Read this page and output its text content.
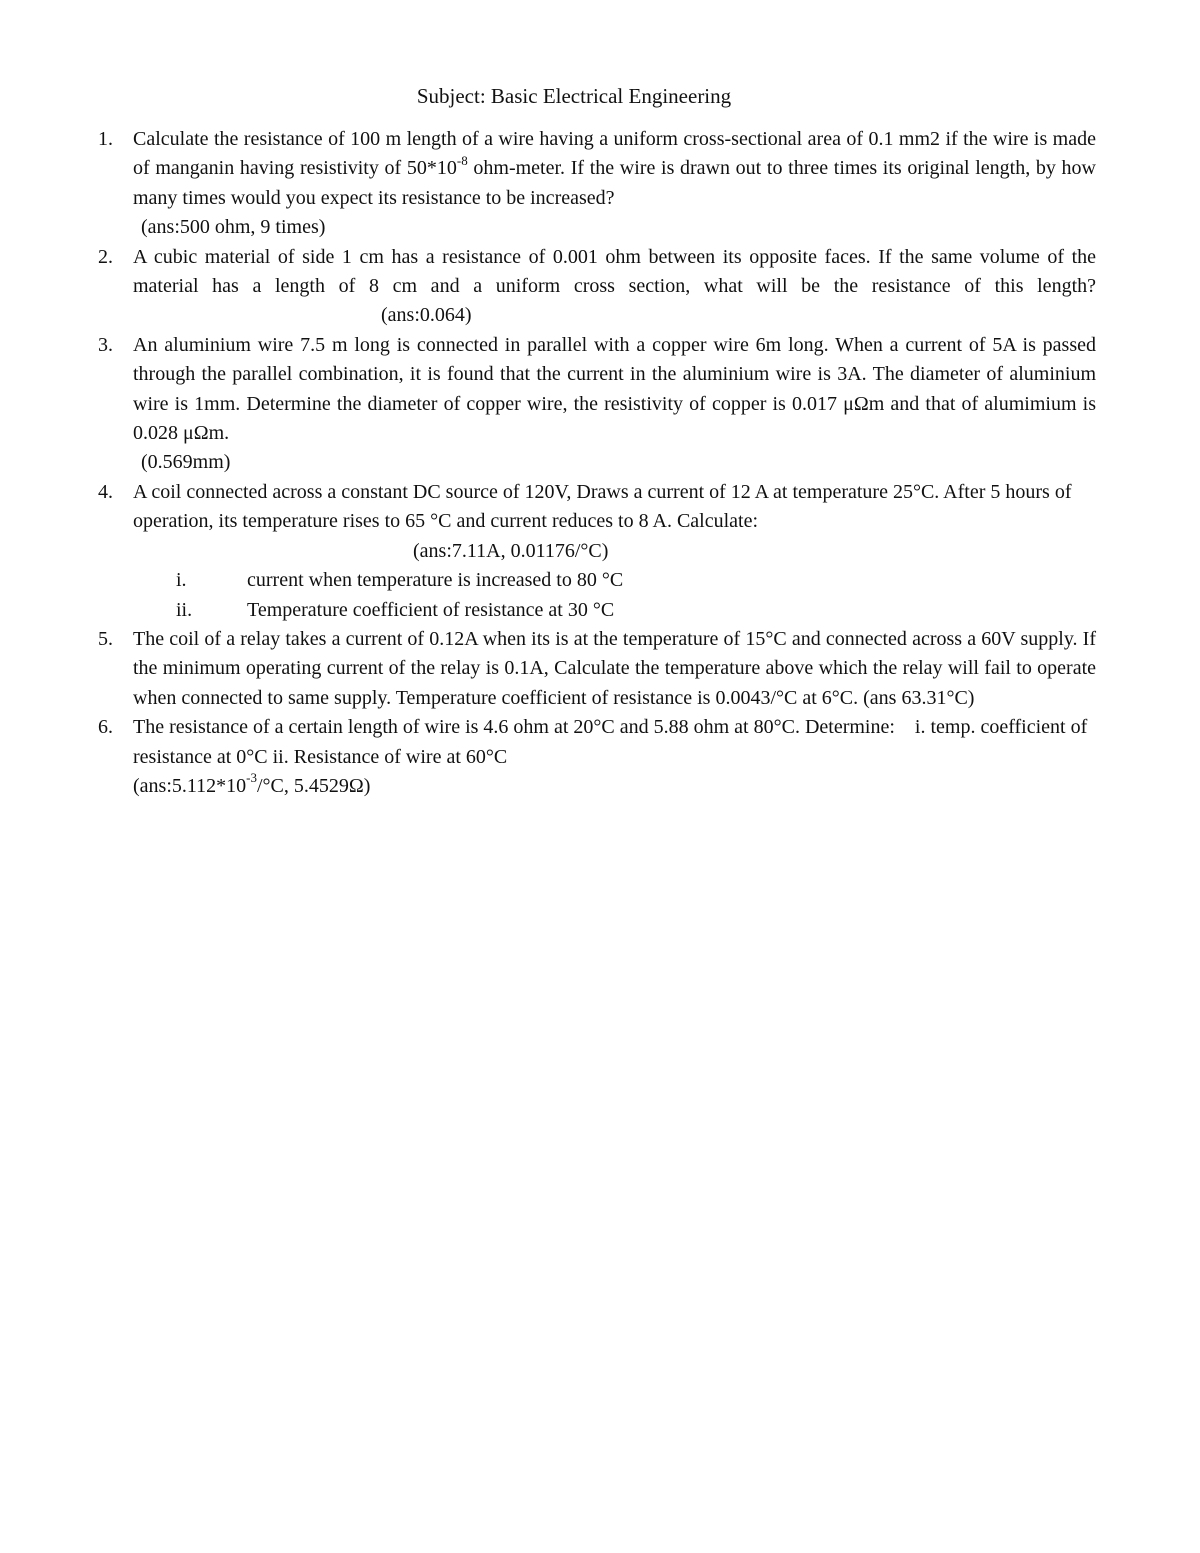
Subject: Basic Electrical Engineering
1. Calculate the resistance of 100 m length of a wire having a uniform cross-sectional area of 0.1 mm2 if the wire is made of manganin having resistivity of $50*10^{-8}$ ohm-meter. If the wire is drawn out to three times its original length, by how many times would you expect its resistance to be increased?
(ans:500 ohm, 9 times)
2. A cubic material of side 1 cm has a resistance of 0.001 ohm between its opposite faces. If the same volume of the material has a length of 8 cm and a uniform cross section, what will be the resistance of this length?(ans:0.064)
3. An aluminium wire 7.5 m long is connected in parallel with a copper wire 6m long. When a current of 5A is passed through the parallel combination, it is found that the current in the aluminium wire is 3A. The diameter of aluminium wire is 1mm. Determine the diameter of copper wire, the resistivity of copper is 0.017 μΩm and that of alumimium is 0.028 μΩm.
(0.569mm)
4. A coil connected across a constant DC source of 120V, Draws a current of 12 A at temperature 25°C. After 5 hours of operation, its temperature rises to 65 °C and current reduces to 8 A. Calculate:
(ans:7.11A, 0.01176/°C)
i.	current when temperature is increased to 80 °C
ii.	Temperature coefficient of resistance at 30 °C
5. The coil of a relay takes a current of 0.12A when its is at the temperature of 15°C and connected across a 60V supply. If the minimum operating current of the relay is 0.1A, Calculate the temperature above which the relay will fail to operate when connected to same supply. Temperature coefficient of resistance is 0.0043/°C at 6°C. (ans 63.31°C)
6. The resistance of a certain length of wire is 4.6 ohm at 20°C and 5.88 ohm at 80°C. Determine: i. temp. coefficient of resistance at 0°C ii. Resistance of wire at 60°C
($ans:5.112*10^{-3}/^\circ C$, 5.4529Ω)
